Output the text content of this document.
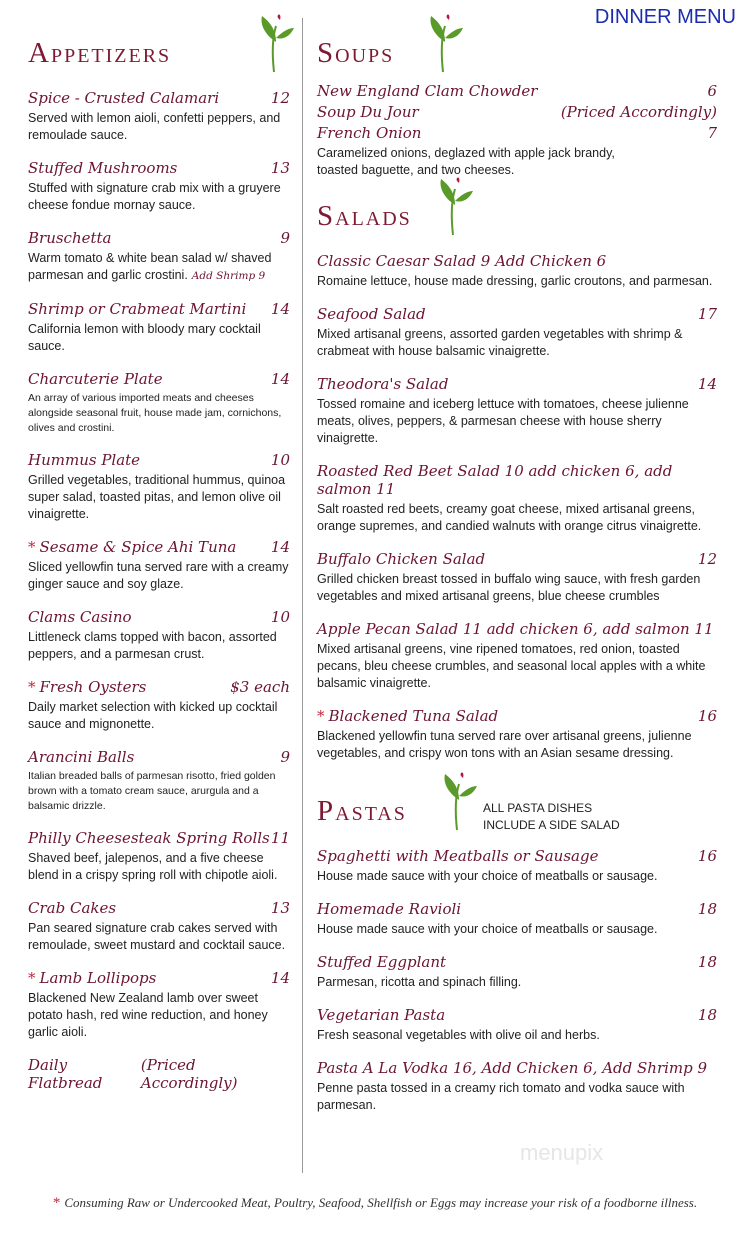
DINNER MENU
menupix
Appetizers
Spice - Crusted Calamari	12
Served with lemon aioli, confetti peppers, and remoulade sauce.
Stuffed Mushrooms	13
Stuffed with signature crab mix with a gruyere cheese fondue mornay sauce.
Bruschetta	9
Warm tomato & white bean salad w/ shaved parmesan and garlic crostini. Add Shrimp 9
Shrimp or Crabmeat Martini 14
California lemon with bloody mary cocktail sauce.
Charcuterie Plate	14
An array of various imported meats and cheeses alongside seasonal fruit, house made jam, cornichons, olives and crostini.
Hummus Plate	10
Grilled vegetables, traditional hummus, quinoa super salad, toasted pitas, and lemon olive oil vinaigrette.
* Sesame & Spice Ahi Tuna 14
Sliced yellowfin tuna served rare with a creamy ginger sauce and soy glaze.
Clams Casino	10
Littleneck clams topped with bacon, assorted peppers, and a parmesan crust.
* Fresh Oysters	$3 each
Daily market selection with kicked up cocktail sauce and mignonette.
Arancini Balls	9
Italian breaded balls of parmesan risotto, fried golden brown with a tomato cream sauce, arurgula and a balsamic drizzle.
Philly Cheesesteak Spring Rolls 11
Shaved beef, jalepenos, and a five cheese blend in a crispy spring roll with chipotle aioli.
Crab Cakes	13
Pan seared signature crab cakes served with remoulade, sweet mustard and cocktail sauce.
* Lamb Lollipops	14
Blackened New Zealand lamb over sweet potato hash, red wine reduction, and honey garlic aioli.
Daily Flatbread
(Priced Accordingly)
Soups
New England Clam Chowder	6
Soup Du Jour	(Priced Accordingly)
French Onion	7
Caramelized onions, deglazed with apple jack brandy, toasted baguette, and two cheeses.
Salads
Classic Caesar Salad 9 Add Chicken 6
Romaine lettuce, house made dressing, garlic croutons, and parmesan.
Seafood Salad	17
Mixed artisanal greens, assorted garden vegetables with shrimp & crabmeat with house balsamic vinaigrette.
Theodora's Salad	14
Tossed romaine and iceberg lettuce with tomatoes, cheese julienne meats, olives, peppers, & parmesan cheese with house sherry vinaigrette.
Roasted Red Beet Salad 10 add chicken 6, add salmon 11
Salt roasted red beets, creamy goat cheese, mixed artisanal greens, orange supremes, and candied walnuts with orange citrus vinaigrette.
Buffalo Chicken Salad	12
Grilled chicken breast tossed in buffalo wing sauce, with fresh garden vegetables and mixed artisanal greens, blue cheese crumbles
Apple Pecan Salad 11 add chicken 6, add salmon 11
Mixed artisanal greens, vine ripened tomatoes, red onion, toasted pecans, bleu cheese crumbles, and seasonal local apples with a white balsamic vinaigrette.
* Blackened Tuna Salad	16
Blackened yellowfin tuna served rare over artisanal greens, julienne vegetables, and crispy won tons with an Asian sesame dressing.
Pastas	ALL PASTA DISHES
INCLUDE A SIDE SALAD
Spaghetti with Meatballs or Sausage	16
House made sauce with your choice of meatballs or sausage.
Homemade Ravioli	18
House made sauce with your choice of meatballs or sausage.
Stuffed Eggplant	18
Parmesan, ricotta and spinach filling.
Vegetarian Pasta	18
Fresh seasonal vegetables with olive oil and herbs.
Pasta A La Vodka 16, Add Chicken 6, Add Shrimp 9
Penne pasta tossed in a creamy rich tomato and vodka sauce with parmesan.
* Consuming Raw or Undercooked Meat, Poultry, Seafood, Shellfish or Eggs may increase your risk of a foodborne illness.
